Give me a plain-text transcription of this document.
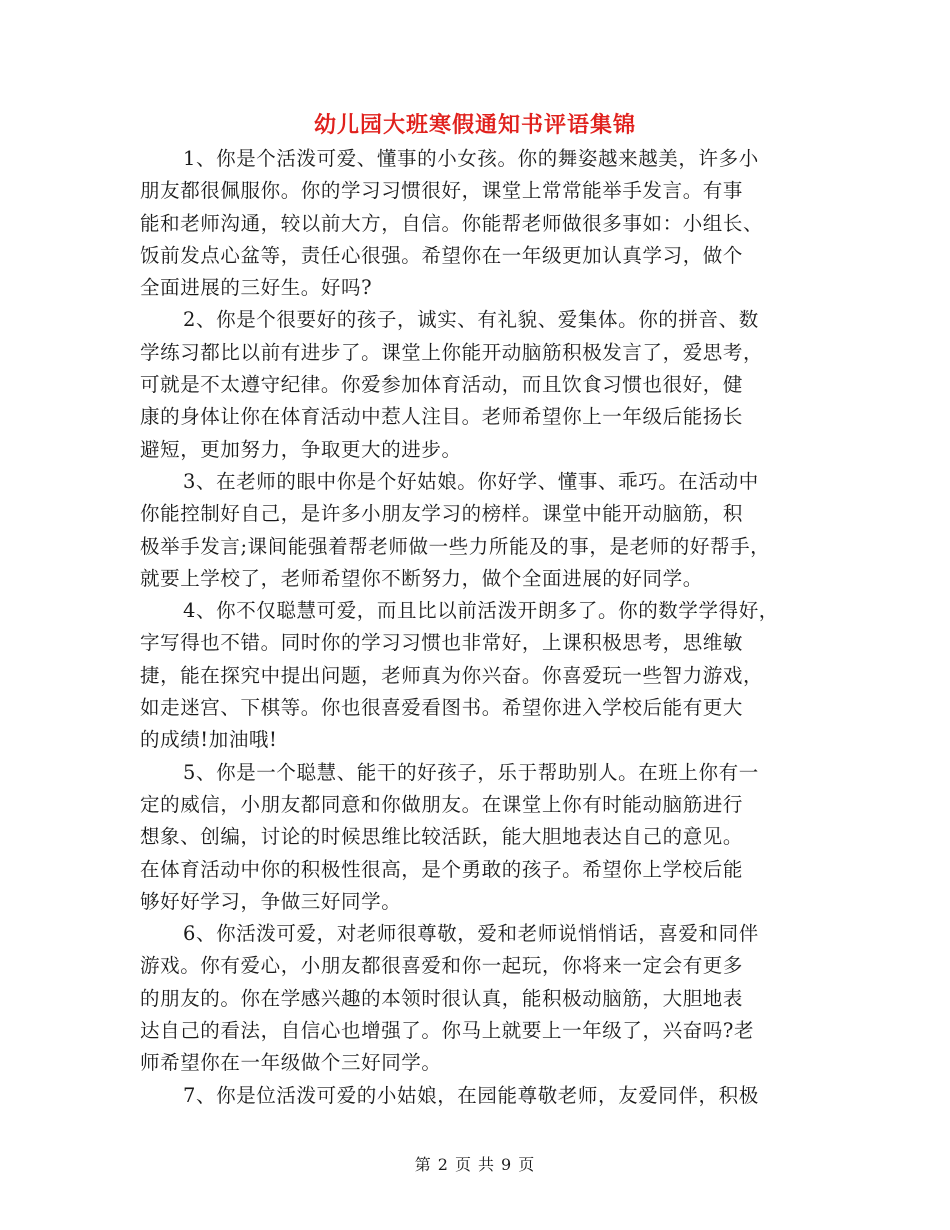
幼儿园大班寒假通知书评语集锦
1、你是个活泼可爱、懂事的小女孩。你的舞姿越来越美，许多小
朋友都很佩服你。你的学习习惯很好，课堂上常常能举手发言。有事
能和老师沟通，较以前大方，自信。你能帮老师做很多事如：小组长、
饭前发点心盆等，责任心很强。希望你在一年级更加认真学习，做个
全面进展的三好生。好吗?
2、你是个很要好的孩子，诚实、有礼貌、爱集体。你的拼音、数
学练习都比以前有进步了。课堂上你能开动脑筋积极发言了，爱思考，
可就是不太遵守纪律。你爱参加体育活动，而且饮食习惯也很好，健
康的身体让你在体育活动中惹人注目。老师希望你上一年级后能扬长
避短，更加努力，争取更大的进步。
3、在老师的眼中你是个好姑娘。你好学、懂事、乖巧。在活动中
你能控制好自己，是许多小朋友学习的榜样。课堂中能开动脑筋，积
极举手发言;课间能强着帮老师做一些力所能及的事，是老师的好帮手，
就要上学校了，老师希望你不断努力，做个全面进展的好同学。
4、你不仅聪慧可爱，而且比以前活泼开朗多了。你的数学学得好，
字写得也不错。同时你的学习习惯也非常好，上课积极思考，思维敏
捷，能在探究中提出问题，老师真为你兴奋。你喜爱玩一些智力游戏，
如走迷宫、下棋等。你也很喜爱看图书。希望你进入学校后能有更大
的成绩!加油哦!
5、你是一个聪慧、能干的好孩子，乐于帮助别人。在班上你有一
定的威信，小朋友都同意和你做朋友。在课堂上你有时能动脑筋进行
想象、创编，讨论的时候思维比较活跃，能大胆地表达自己的意见。
在体育活动中你的积极性很高，是个勇敢的孩子。希望你上学校后能
够好好学习，争做三好同学。
6、你活泼可爱，对老师很尊敬，爱和老师说悄悄话，喜爱和同伴
游戏。你有爱心，小朋友都很喜爱和你一起玩，你将来一定会有更多
的朋友的。你在学感兴趣的本领时很认真，能积极动脑筋，大胆地表
达自己的看法，自信心也增强了。你马上就要上一年级了，兴奋吗?老
师希望你在一年级做个三好同学。
7、你是位活泼可爱的小姑娘，在园能尊敬老师，友爱同伴，积极
第 2 页 共 9 页
